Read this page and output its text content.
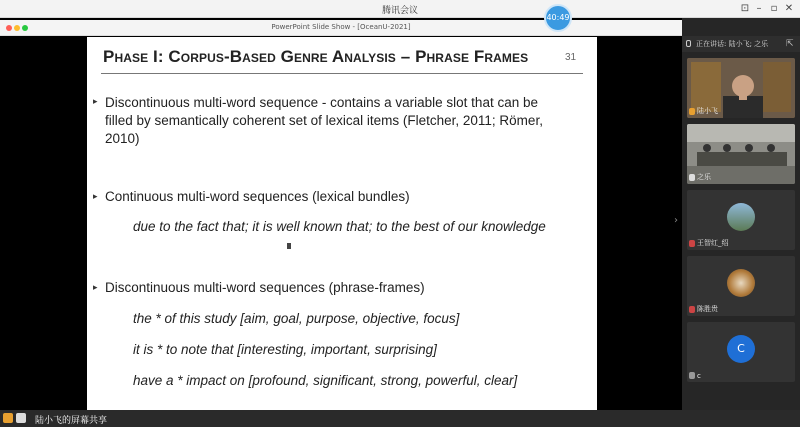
腾讯会议	⊡ – ▫ ✕
40:49
PowerPoint Slide Show - [OceanU-2021]
Phase I: Corpus-Based Genre Analysis – Phrase Frames	31
▸ Discontinuous multi-word sequence - contains a variable slot that can be
filled by semantically coherent set of lexical items (Fletcher, 2011; Römer,
2010)
▸ Continuous multi-word sequences (lexical bundles)
due to the fact that; it is well known that; to the best of our knowledge
▸ Discontinuous multi-word sequences (phrase-frames)
the * of this study [aim, goal, purpose, objective, focus]
it is * to note that [interesting, important, surprising]
have a * impact on [profound, significant, strong, powerful, clear]
正在讲话: 陆小飞; 之乐 ⇱
›
陆小飞
之乐
王智红_绍
陈胜贵
C
c
陆小飞的屏幕共享
